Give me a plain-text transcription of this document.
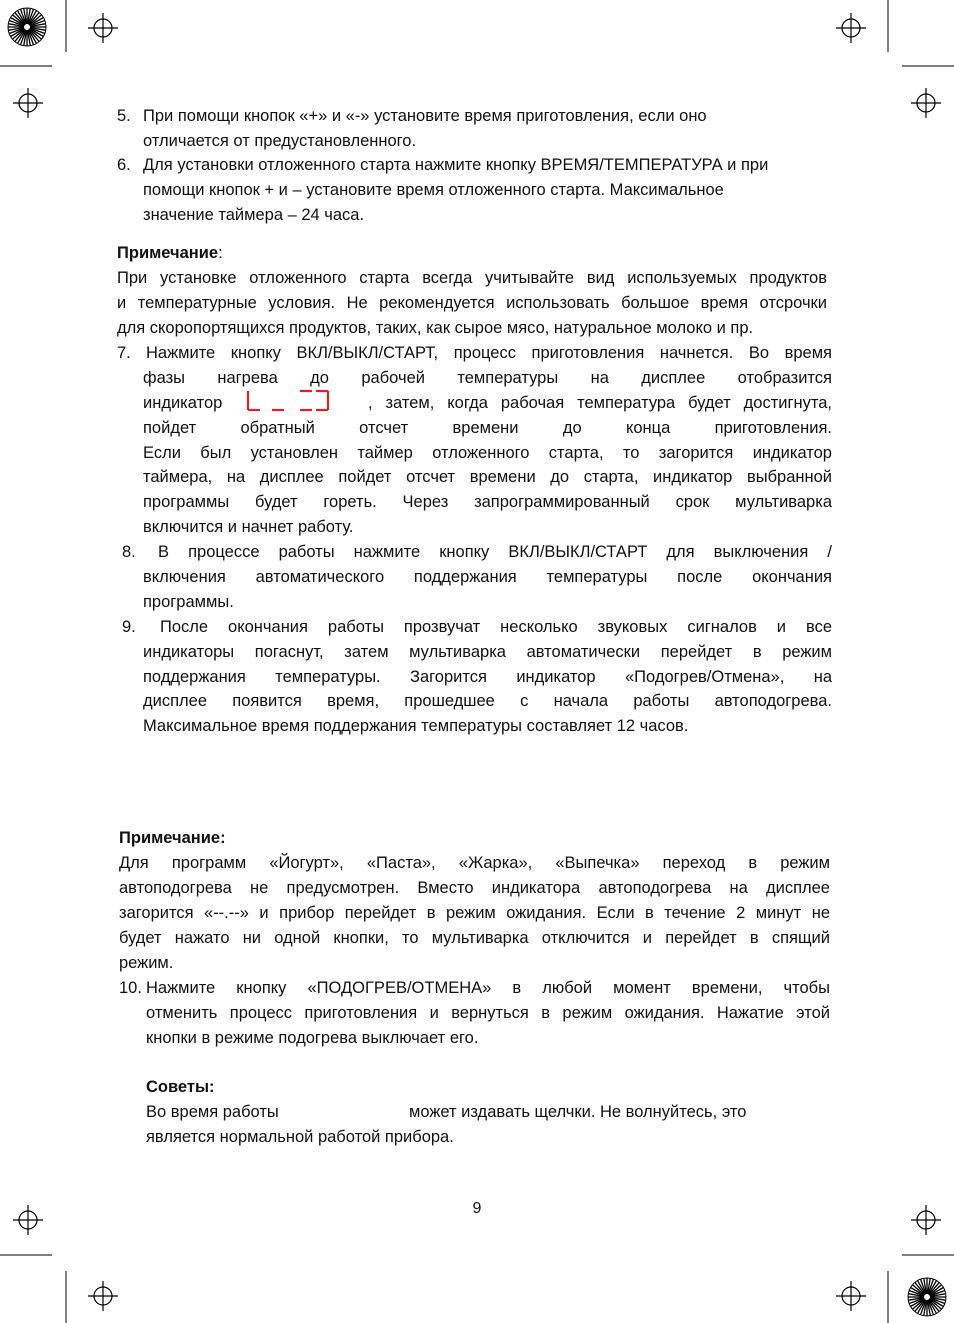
5. При помощи кнопок «+» и «-» установите время приготовления, если оно
отличается от предустановленного.
6. Для установки отложенного старта нажмите кнопку ВРЕМЯ/ТЕМПЕРАТУРА и при
помощи кнопок + и – установите время отложенного старта. Максимальное
значение таймера – 24 часа.
Примечание:
При установке отложенного старта всегда учитывайте вид используемых продуктов
и температурные условия. Не рекомендуется использовать большое время отсрочки
для скоропортящихся продуктов, таких, как сырое мясо, натуральное молоко и пр.
7. Нажмите кнопку ВКЛ/ВЫКЛ/СТАРТ, процесс приготовления начнется. Во время
фазы нагрева до рабочей температуры на дисплее отобразится
индикатор	, затем, когда рабочая температура будет достигнута,
пойдет обратный отсчет времени до конца приготовления.
Если был установлен таймер отложенного старта, то загорится индикатор
таймера, на дисплее пойдет отсчет времени до старта, индикатор выбранной
программы будет гореть. Через запрограммированный срок мультиварка
включится и начнет работу.
8. В процессе работы нажмите кнопку ВКЛ/ВЫКЛ/СТАРТ для выключения /
включения автоматического поддержания температуры после окончания
программы.
9. После окончания работы прозвучат несколько звуковых сигналов и все
индикаторы погаснут, затем мультиварка автоматически перейдет в режим
поддержания температуры. Загорится индикатор «Подогрев/Отмена», на
дисплее появится время, прошедшее с начала работы автоподогрева.
Максимальное время поддержания температуры составляет 12 часов.
Примечание:
Для программ «Йогурт», «Паста», «Жарка», «Выпечка» переход в режим
автоподогрева не предусмотрен. Вместо индикатора автоподогрева на дисплее
загорится «--.--» и прибор перейдет в режим ожидания. Если в течение 2 минут не
будет нажато ни одной кнопки, то мультиварка отключится и перейдет в спящий
режим.
10. Нажмите кнопку «ПОДОГРЕВ/ОТМЕНА» в любой момент времени, чтобы
отменить процесс приготовления и вернуться в режим ожидания. Нажатие этой
кнопки в режиме подогрева выключает его.
Советы:
Во время работы	может издавать щелчки. Не волнуйтесь, это
является нормальной работой прибора.
9
